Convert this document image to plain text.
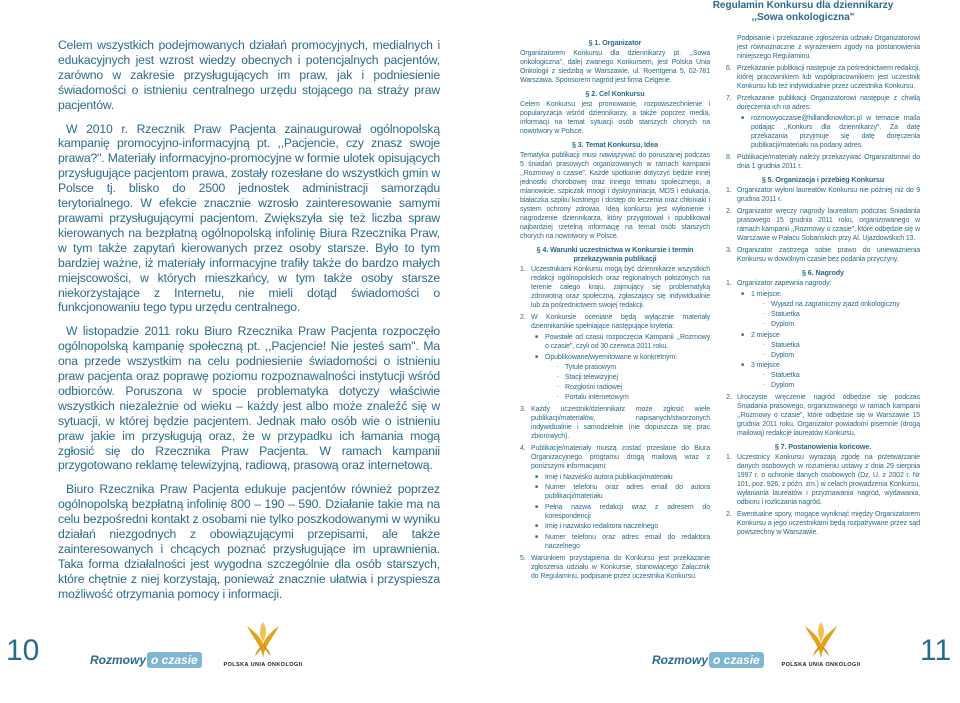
Celem wszystkich podejmowanych działań promocyjnych, medialnych i edukacyjnych jest wzrost wiedzy obecnych i potencjalnych pacjentów, zarówno w zakresie przysługujących im praw, jak i podniesienie świadomości o istnieniu centralnego urzędu stojącego na straży praw pacjentów.

W 2010 r. Rzecznik Praw Pacjenta zainaugurował ogólnopolską kampanię promocyjno-informacyjną pt. ,,Pacjencie, czy znasz swoje prawa?". Materiały informacyjno-promocyjne w formie ulotek opisujących przysługujące pacjentom prawa, zostały rozesłane do wszystkich gmin w Polsce tj. blisko do 2500 jednostek administracji samorządu terytorialnego. W efekcie znacznie wzrosło zainteresowanie samymi prawami przysługującymi pacjentom. Zwiększyła się też liczba spraw kierowanych na bezpłatną ogólnopolską infolinię Biura Rzecznika Praw, w tym także zapytań kierowanych przez osoby starsze. Było to tym bardziej ważne, iż materiały informacyjne trafiły także do bardzo małych miejscowości, w których mieszkańcy, w tym także osoby starsze niekorzystające z Internetu, nie mieli dotąd świadomości o funkcjonowaniu tego typu urzędu centralnego.

W listopadzie 2011 roku Biuro Rzecznika Praw Pacjenta rozpoczęło ogólnopolską kampanię społeczną pt. ,,Pacjencie! Nie jesteś sam". Ma ona przede wszystkim na celu podniesienie świadomości o istnieniu praw pacjenta oraz poprawę poziomu rozpoznawalności instytucji wśród odbiorców. Poruszona w spocie problematyka dotyczy właściwie wszystkich niezależnie od wieku – każdy jest albo może znaleźć się w sytuacji, w której będzie pacjentem. Jednak mało osób wie o istnieniu praw jakie im przysługują oraz, że w przypadku ich łamania mogą zgłosić się do Rzecznika Praw Pacjenta. W ramach kampanii przygotowano reklamę telewizyjną, radiową, prasową oraz internetową.

Biuro Rzecznika Praw Pacjenta edukuje pacjentów również poprzez ogólnopolską bezpłatną infolinię 800 – 190 – 590. Działanie takie ma na celu bezpośredni kontakt z osobami nie tylko poszkodowanymi w wyniku działań niezgodnych z obowiązującymi przepisami, ale także zainteresowanych i chcących poznać przysługujące im uprawnienia. Taka forma działalności jest wygodna szczególnie dla osób starszych, które chętnie z niej korzystają, ponieważ znacznie ułatwia i przyspiesza możliwość otrzymania pomocy i informacji.

10	Rozmowy o czasie	POLSKA UNIA ONKOLOGII
Regulamin Konkursu dla dziennikarzy
,,Sowa onkologiczna"
§ 1. Organizator

Organizatorem Konkursu dla dziennikarzy pt. ,,Sowa onkologiczna", dalej zwanego Konkursem, jest Polska Unia Onkologii z siedzibą w Warszawie, ul. Roentgena 5, 02-781 Warszawa. Sponsorem nagród jest firma Celgene.

§ 2. Cel Konkursu

Celem Konkursu jest promowanie, rozpowszechnienie i popularyzacja wśród dziennikarzy, a także poprzez media, informacji na temat sytuacji osób starszych chorych na nowotwory w Polsce.

§ 3. Temat Konkursu, Idea

Tematyka publikacji musi nawiązywać do poruszanej podczas 5 śniadań prasowych organizowanych w ramach kampanii ,,Rozmowy o czasie". Każde spotkanie dotyczyć będzie innej jednostki chorobowej oraz innego tematu społecznego, a mianowicie: szpiczak mnogi i dyskryminacja, MDS i edukacja, białaczka szpiku kostnego i dostęp do leczenia oraz chłoniaki i system ochrony zdrowia. Ideą konkursu jest wyłonienie i nagrodzenie dziennikarza, który przygotował i opublikował najbardziej rzetelną informację na temat osób starszych chorych na nowotwory w Polsce.

§ 4. Warunki uczestnictwa w Konkursie i termin przekazywania publikacji
1. Uczestnikami Konkursu mogą być dziennikarze wszystkich redakcji ogólnopolskich oraz regionalnych położonych na terenie całego kraju, zajmujący się problematyką zdrowotną oraz społeczną, zgłaszający się indywidualnie lub za pośrednictwem swojej redakcji.
2. W Konkursie oceniane będą wyłącznie materiały dziennikarskie spełniające następujące kryteria:
■ Powstałe od czasu rozpoczęcia Kampanii ,,Rozmowy o czasie", czyli od 30 czerwca 2011 roku.
■ Opublikowane/wyemitowane w konkretnym:
- Tytule prasowym
- Stacji telewizyjnej
- Rozgłośni radiowej
- Portalu internetowym
3. Każdy uczestnik/dziennikarz może zgłosić wiele publikacji/materiałów, napisanych/stworzonych indywidualnie i samodzielnie (nie dopuszcza się prac zbiorowych).
4. Publikacje/materiały muszą zostać przesłane do Biura Organizacyjnego programu drogą mailową wraz z poniższymi informacjami:
■ Imię i Nazwisko autora publikacji/materiału
■ Numer telefonu oraz adres email do autora publikacji/materiału
■ Pełna nazwa redakcji wraz z adresem do korespondencji
■ Imię i nazwisko redaktora naczelnego
■ Numer telefonu oraz adres email do redaktora naczelnego
5. Warunkiem przystąpienia do Konkursu jest przekazanie zgłoszenia udziału w Konkursie, stanowiącego Załącznik do Regulaminu, podpisane przez uczestnika Konkursu.

Podpisanie i przekazanie zgłoszenia udziału Organizatorowi jest równoznaczne z wyrażeniem zgody na postanowienia niniejszego Regulaminu.

6. Przekazanie publikacji następuje za pośrednictwem redakcji, której pracownikiem lub współpracownikiem jest uczestnik Konkursu lub też indywidualnie przez uczestnika Konkursu.
7. Przekazanie publikacji Organizatorowi następuje z chwilą doręczenia ich na adres:
■ rozmowyoczasie@hillandknowlton.pl w temacie maila podając ,,Konkurs dla dziennikarzy". Za datę przekazania przyjmuje się datę doręczenia publikacji/materiału na podany adres.
8. Publikacje/materiały należy przekazywać Organizatorowi do dnia 1 grudnia 2011 r.
§ 5. Organizacja i przebieg Konkursu
1. Organizator wyłoni laureatów Konkursu nie później niż do 9 grudnia 2011 r.
2. Organizator wręczy nagrody laureatom podczas Śniadania prasowego 15 grudnia 2011 roku, organizowanego w ramach kampanii ,,Rozmowy o czasie", które odbędzie się w Warszawie w Pałacu Sobańskich przy Al. Ujazdowskich 13.
3. Organizator zastrzega sobie prawo do unieważnienia Konkursu w dowolnym czasie bez podania przyczyny.
§ 6. Nagrody
1. Organizator zapewnia nagrody:
■ 1 miejsce:
- Wyjazd na zagraniczny zjazd onkologiczny
- Statuetka
- Dyplom
■ 2 miejsce
- Statuetka
- Dyplom
■ 3 miejsce
- Statuetka
- Dyplom
2. Uroczyste wręczenie nagród odbędzie się podczas Śniadania prasowego, organizowanego w ramach kampanii ,,Rozmowy o czasie", które odbędzie się w Warszawie 15 grudnia 2011 roku. Organizator powiadomi pisemnie (drogą mailową) redakcje laureatów Konkursu.
§ 7. Postanowienia końcowe.
1. Uczestnicy Konkursu wyrażają zgodę na przetwarzanie danych osobowych w rozumieniu ustawy z dnia 29 sierpnia 1997 r. o ochronie danych osobowych (Dz. U. z 2002 r. Nr 101, poz. 926, z późn. zm.) w celach prowadzenia Konkursu, wyłaniania laureatów i przyznawania nagród, wydawania, odbioru i rozliczania nagród.
2. Ewentualne spory, mogące wyniknąć między Organizatorem Konkursu a jego uczestnikami będą rozpatrywane przez sąd powszechny w Warszawie.
Rozmowy o czasie	POLSKA UNIA ONKOLOGII 11
